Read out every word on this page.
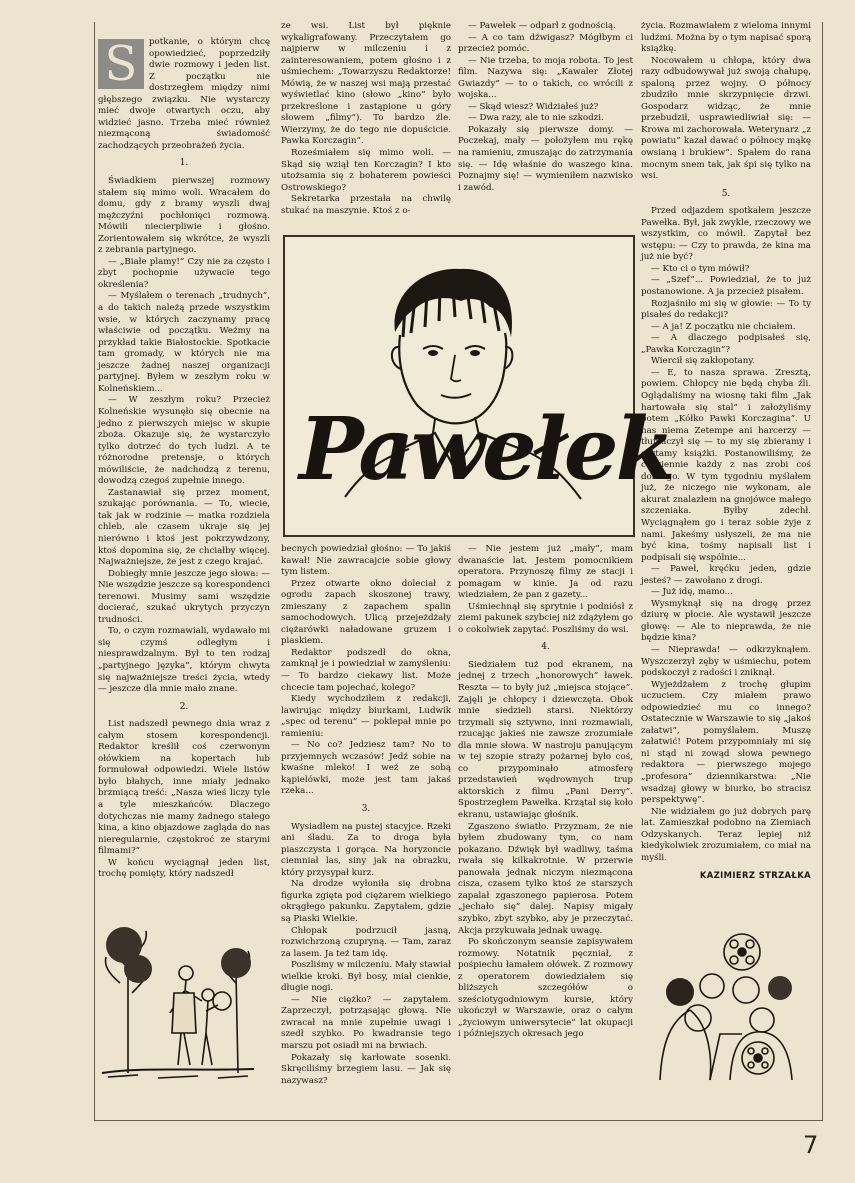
S	potkanie, o którym chcę opowiedzieć, poprzedziły dwie rozmowy i jeden list. Z początku nie dostrzegłem między nimi głębszego związku. Nie wystarczy mieć dwoje otwartych oczu, aby widzieć jasno. Trzeba mieć również niezmąconą świadomość zachodzących przeobrażeń życia.

1.

Świadkiem pierwszej rozmowy stałem się mimo woli. Wracałem do domu, gdy z bramy wyszli dwaj mężczyźni pochłonięci rozmową. Mówili niecierpliwie i głośno. Zorientowałem się wkrótce, że wyszli z zebrania partyjnego.

— „Białe plamy!” Czy nie za często i zbyt pochopnie używacie tego określenia?

— Myślałem o terenach „trudnych”, a do takich należą przede wszystkim wsie, w których zaczynamy pracę właściwie od początku. Weźmy na przykład takie Białostockie. Spotkacie tam gromady, w których nie ma jeszcze żadnej naszej organizacji partyjnej. Byłem w zeszłym roku w Kolneńskiem...

— W zeszłym roku? Przecież Kolneńskie wysunęło się obecnie na jedno z pierwszych miejsc w skupie zboża. Okazuje się, że wystarczyło tylko dotrzeć do tych ludzi. A te różnorodne pretensje, o których mówiliście, że nadchodzą z terenu, dowodzą czegoś zupełnie innego.

Zastanawiał się przez moment, szukając porównania. — To, wiecie, tak jak w rodzinie — matka rozdziela chleb, ale czasem ukraje się jej nierówno i ktoś jest pokrzywdzony, ktoś dopomina się, że chciałby więcej. Najważniejsze, że jest z czego krajać.

Dobiegły mnie jeszcze jego słowa: — Nie wszędzie jeszcze są korespondenci terenowi. Musimy sami wszędzie docierać, szukać ukrytych przyczyn trudności.

To, o czym rozmawiali, wydawało mi się czymś odległym i niesprawdzalnym. Był to ten rodzaj „partyjnego języka”, którym chwyta się najważniejsze treści życia, wtedy — jeszcze dla mnie mało znane.

2.

List nadszedł pewnego dnia wraz z całym stosem korespondencji. Redaktor kreślił coś czerwonym ołówkiem na kopertach lub formułował odpowiedzi. Wiele listów było błahych, inne miały jednako brzmiącą treść: „Nasza wieś liczy tyle a tyle mieszkańców. Dlaczego dotychczas nie mamy żadnego stałego kina, a kino objazdowe zagląda do nas nieregularnie, częstokroć ze starymi filmami?”

W końcu wyciągnął jeden list, trochę pomięty, który nadszedł

ze wsi. List był pięknie wykaligrafowany. Przeczytałem go najpierw w milczeniu i z zainteresowaniem, potem głośno i z uśmiechem: „Towarzyszu Redaktorze! Mówią, że w naszej wsi mają przestać wyświetlać kino (słowo „kino” było przekreślone i zastąpione u góry słowem „filmy”). To bardzo źle. Wierzymy, że do tego nie dopuścicie. Pawka Korczagin”.

Roześmiałem się mimo woli. — Skąd się wziął ten Korczagin? I kto utożsamia się z bohaterem powieści Ostrowskiego?

Sekretarka przestała na chwilę stukać na maszynie. Ktoś z o-

— Pawełek — odparł z godnością.

— A co tam dźwigasz? Mógłbym ci przecież pomóc.

— Nie trzeba, to moja robota. To jest film. Nazywa się: „Kawaler Złotej Gwiazdy” — to o takich, co wrócili z wojska...

— Skąd wiesz? Widziałeś już?

— Dwa razy, ale to nie szkodzi.

Pokazały się pierwsze domy. — Poczekaj, mały — położyłem mu rękę na ramieniu, zmuszając do zatrzymania się. — Idę właśnie do waszego kina. Poznajmy się! — wymieniłem nazwisko i zawód.

Pawełek

becnych powiedział głośno: — To jakiś kawał! Nie zawracajcie sobie głowy tym listem.

Przez otwarte okno doleciał z ogrodu zapach skoszonej trawy, zmieszany z zapachem spalin samochodowych. Ulicą przejeżdżały ciężarówki naładowane gruzem i piaskiem.

Redaktor podszedł do okna, zamknął je i powiedział w zamyśleniu: — To bardzo ciekawy list. Może chcecie tam pojechać, kolego?

Kiedy wychodziłem z redakcji, lawirując między biurkami, Ludwik „spec od terenu” — poklepał mnie po ramieniu:

— No co? Jedziesz tam? No to przyjemnych wczasów! Jedź sobie na kwaśne mleko! I weź ze sobą kąpielówki, może jest tam jakaś rzeka...

3.

Wysiadłem na pustej stacyjce. Rzeki ani śladu. Za to droga była piaszczysta i gorąca. Na horyzoncie ciemniał las, siny jak na obrazku, który przysypał kurz.

Na drodze wyłoniła się drobna figurka zgięta pod ciężarem wielkiego okrągłego pakunku. Zapytałem, gdzie są Piaski Wielkie.

Chłopak podrzucił jasną, rozwichrzoną czupryną. — Tam, zaraz za lasem. Ja też tam idę.

Poszliśmy w milczeniu. Mały stawiał wielkie kroki. Był bosy, miał cienkie, długie nogi.

— Nie ciężko? — zapytałem. Zaprzeczył, potrząsając głową. Nie zwracał na mnie zupełnie uwagi i szedł szybko. Po kwadransie tego marszu pot osiadł mi na brwiach.

Pokazały się karłowate sosenki. Skręciliśmy brzegiem lasu. — Jak się nazywasz?

— Nie jestem już „mały”, mam dwanaście lat. Jestem pomocnikiem operatora. Przynoszę filmy ze stacji i pomagam w kinie. Ja od razu wiedziałem, że pan z gazety...

Uśmiechnął się sprytnie i podniósł z ziemi pakunek szybciej niż zdążyłem go o cokolwiek zapytać. Poszliśmy do wsi.

4.

Siedziałem tuż pod ekranem, na jednej z trzech „honorowych” ławek. Reszta — to były już „miejsca stojące”. Zajęli je chłopcy i dziewczęta. Obok mnie siedzieli starsi. Niektórzy trzymali się sztywno, inni rozmawiali, rzucając jakieś nie zawsze zrozumiałe dla mnie słowa. W nastroju panującym w tej szopie straży pożarnej było coś, co przypominało atmosferę przedstawień wędrownych trup aktorskich z filmu „Pani Derry”. Spostrzegłem Pawełka. Krzątał się koło ekranu, ustawiając głośnik.

Zgaszono światło. Przyznam, że nie byłem zbudowany tym, co nam pokazano. Dźwięk był wadliwy, taśma rwała się kilkakrotnie. W przerwie panowała jednak niczym niezmącona cisza, czasem tylko ktoś ze starszych zapalał zgaszonego papierosa. Potem „jechało się” dalej. Napisy migały szybko, zbyt szybko, aby je przeczytać. Akcja przykuwała jednak uwagę.

Po skończonym seansie zapisywałem rozmowy. Notatnik pęczniał, z pośpiechu łamałem ołówek. Z rozmowy z operatorem dowiedziałem się bliższych szczegółów o sześciotygodniowym kursie, który ukończył w Warszawie, oraz o całym „życiowym uniwersytecie” lat okupacji i późniejszych okresach jego

życia. Rozmawiałem z wieloma innymi ludźmi. Można by o tym napisać sporą książkę.

Nocowałem u chłopa, który dwa razy odbudowywał już swoją chałupę, spaloną przez wojny. O północy zbudziło mnie skrzypnięcie drzwi. Gospodarz widząc, że mnie przebudził, usprawiedliwiał się: — Krowa mi zachorowała. Weterynarz „z powiatu” kazał dawać o północy mąkę owsianą i brukiew”. Spałem do rana mocnym snem tak, jak śpi się tylko na wsi.

5.

Przed odjazdem spotkałem jeszcze Pawełka. Był, jak zwykle, rzeczowy we wszystkim, co mówił. Zapytał bez wstępu: — Czy to prawda, że kina ma już nie być?

— Kto ci o tym mówił?

— „Szef”... Powiedział, że to już postanowione. A ja przecież pisałem.

Rozjaśniło mi się w głowie: — To ty pisałeś do redakcji?

— A ja! Z początku nie chciałem.

— A dlaczego podpisałeś się, „Pawka Korczagin”?

Wiercił się zakłopotany.

— E, to nasza sprawa. Zresztą, powiem. Chłopcy nie będą chyba źli. Oglądaliśmy na wiosnę taki film „Jak hartowała się stal” i założyliśmy potem „Kółko Pawki Korczagina”. U nas niema Zetempe ani harcerzy — tłumaczył się — to my się zbieramy i czytamy książki. Postanowiliśmy, że codziennie każdy z nas zrobi coś dobrego. W tym tygodniu myślałem już, że niczego nie wykonam, ale akurat znalazłem na gnojówce małego szczeniaka. Byłby zdechł. Wyciągnąłem go i teraz sobie żyje z nami. Jakeśmy usłyszeli, że ma nie być kina, tośmy napisali list i podpisali się wspólnie...

— Paweł, kręćku jeden, gdzie jesteś? — zawołano z drogi.

— Już idę, mamo...

Wysmyknął się na drogę przez dziurę w płocie. Ale wystawił jeszcze głowę: — Ale to nieprawda, że nie będzie kina?

— Nieprawda! — odkrzyknąłem. Wyszczerzył zęby w uśmiechu, potem podskoczył z radości i zniknął.

Wyjeżdżałem z trochę głupim uczuciem. Czy miałem prawo odpowiedzieć mu co innego? Ostatecznie w Warszawie to się „jakoś załatwi”, pomyślałem. Muszę załatwić! Potem przypomniały mi się ni stąd ni zowąd słowa pewnego redaktora — pierwszego mojego „profesora” dziennikarstwa: „Nie wsadzaj głowy w biurko, bo stracisz perspektywę”.

Nie widziałem go już dobrych parę lat. Zamieszkał podobno na Ziemiach Odzyskanych. Teraz lepiej niż kiedykolwiek zrozumiałem, co miał na myśli.

KAZIMIERZ STRZAŁKA
7
